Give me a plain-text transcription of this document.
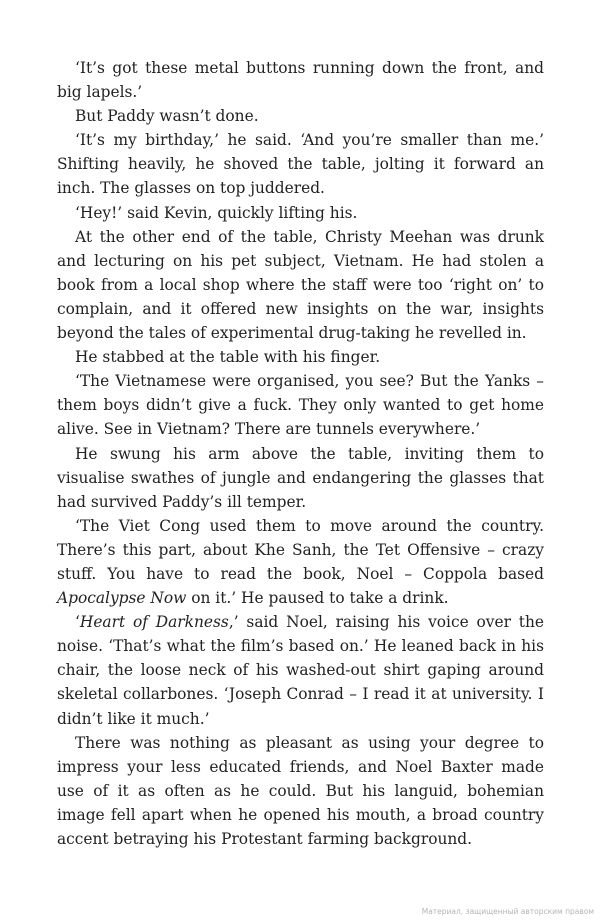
‘It’s got these metal buttons running down the front, and big lapels.’

But Paddy wasn’t done.

‘It’s my birthday,’ he said. ‘And you’re smaller than me.’ Shifting heavily, he shoved the table, jolting it forward an inch. The glasses on top juddered.

‘Hey!’ said Kevin, quickly lifting his.

At the other end of the table, Christy Meehan was drunk and lecturing on his pet subject, Vietnam. He had stolen a book from a local shop where the staff were too ‘right on’ to complain, and it offered new insights on the war, insights beyond the tales of experimental drug-taking he revelled in.

He stabbed at the table with his finger.

‘The Vietnamese were organised, you see? But the Yanks – them boys didn’t give a fuck. They only wanted to get home alive. See in Vietnam? There are tunnels everywhere.’

He swung his arm above the table, inviting them to visualise swathes of jungle and endangering the glasses that had survived Paddy’s ill temper.

‘The Viet Cong used them to move around the country. There’s this part, about Khe Sanh, the Tet Offensive – crazy stuff. You have to read the book, Noel – Coppola based Apocalypse Now on it.’ He paused to take a drink.

‘Heart of Darkness,’ said Noel, raising his voice over the noise. ‘That’s what the film’s based on.’ He leaned back in his chair, the loose neck of his washed-out shirt gaping around skeletal collarbones. ‘Joseph Conrad – I read it at university. I didn’t like it much.’

There was nothing as pleasant as using your degree to impress your less educated friends, and Noel Baxter made use of it as often as he could. But his languid, bohemian image fell apart when he opened his mouth, a broad country accent betraying his Protestant farming background.

Материал, защищенный авторским правом
